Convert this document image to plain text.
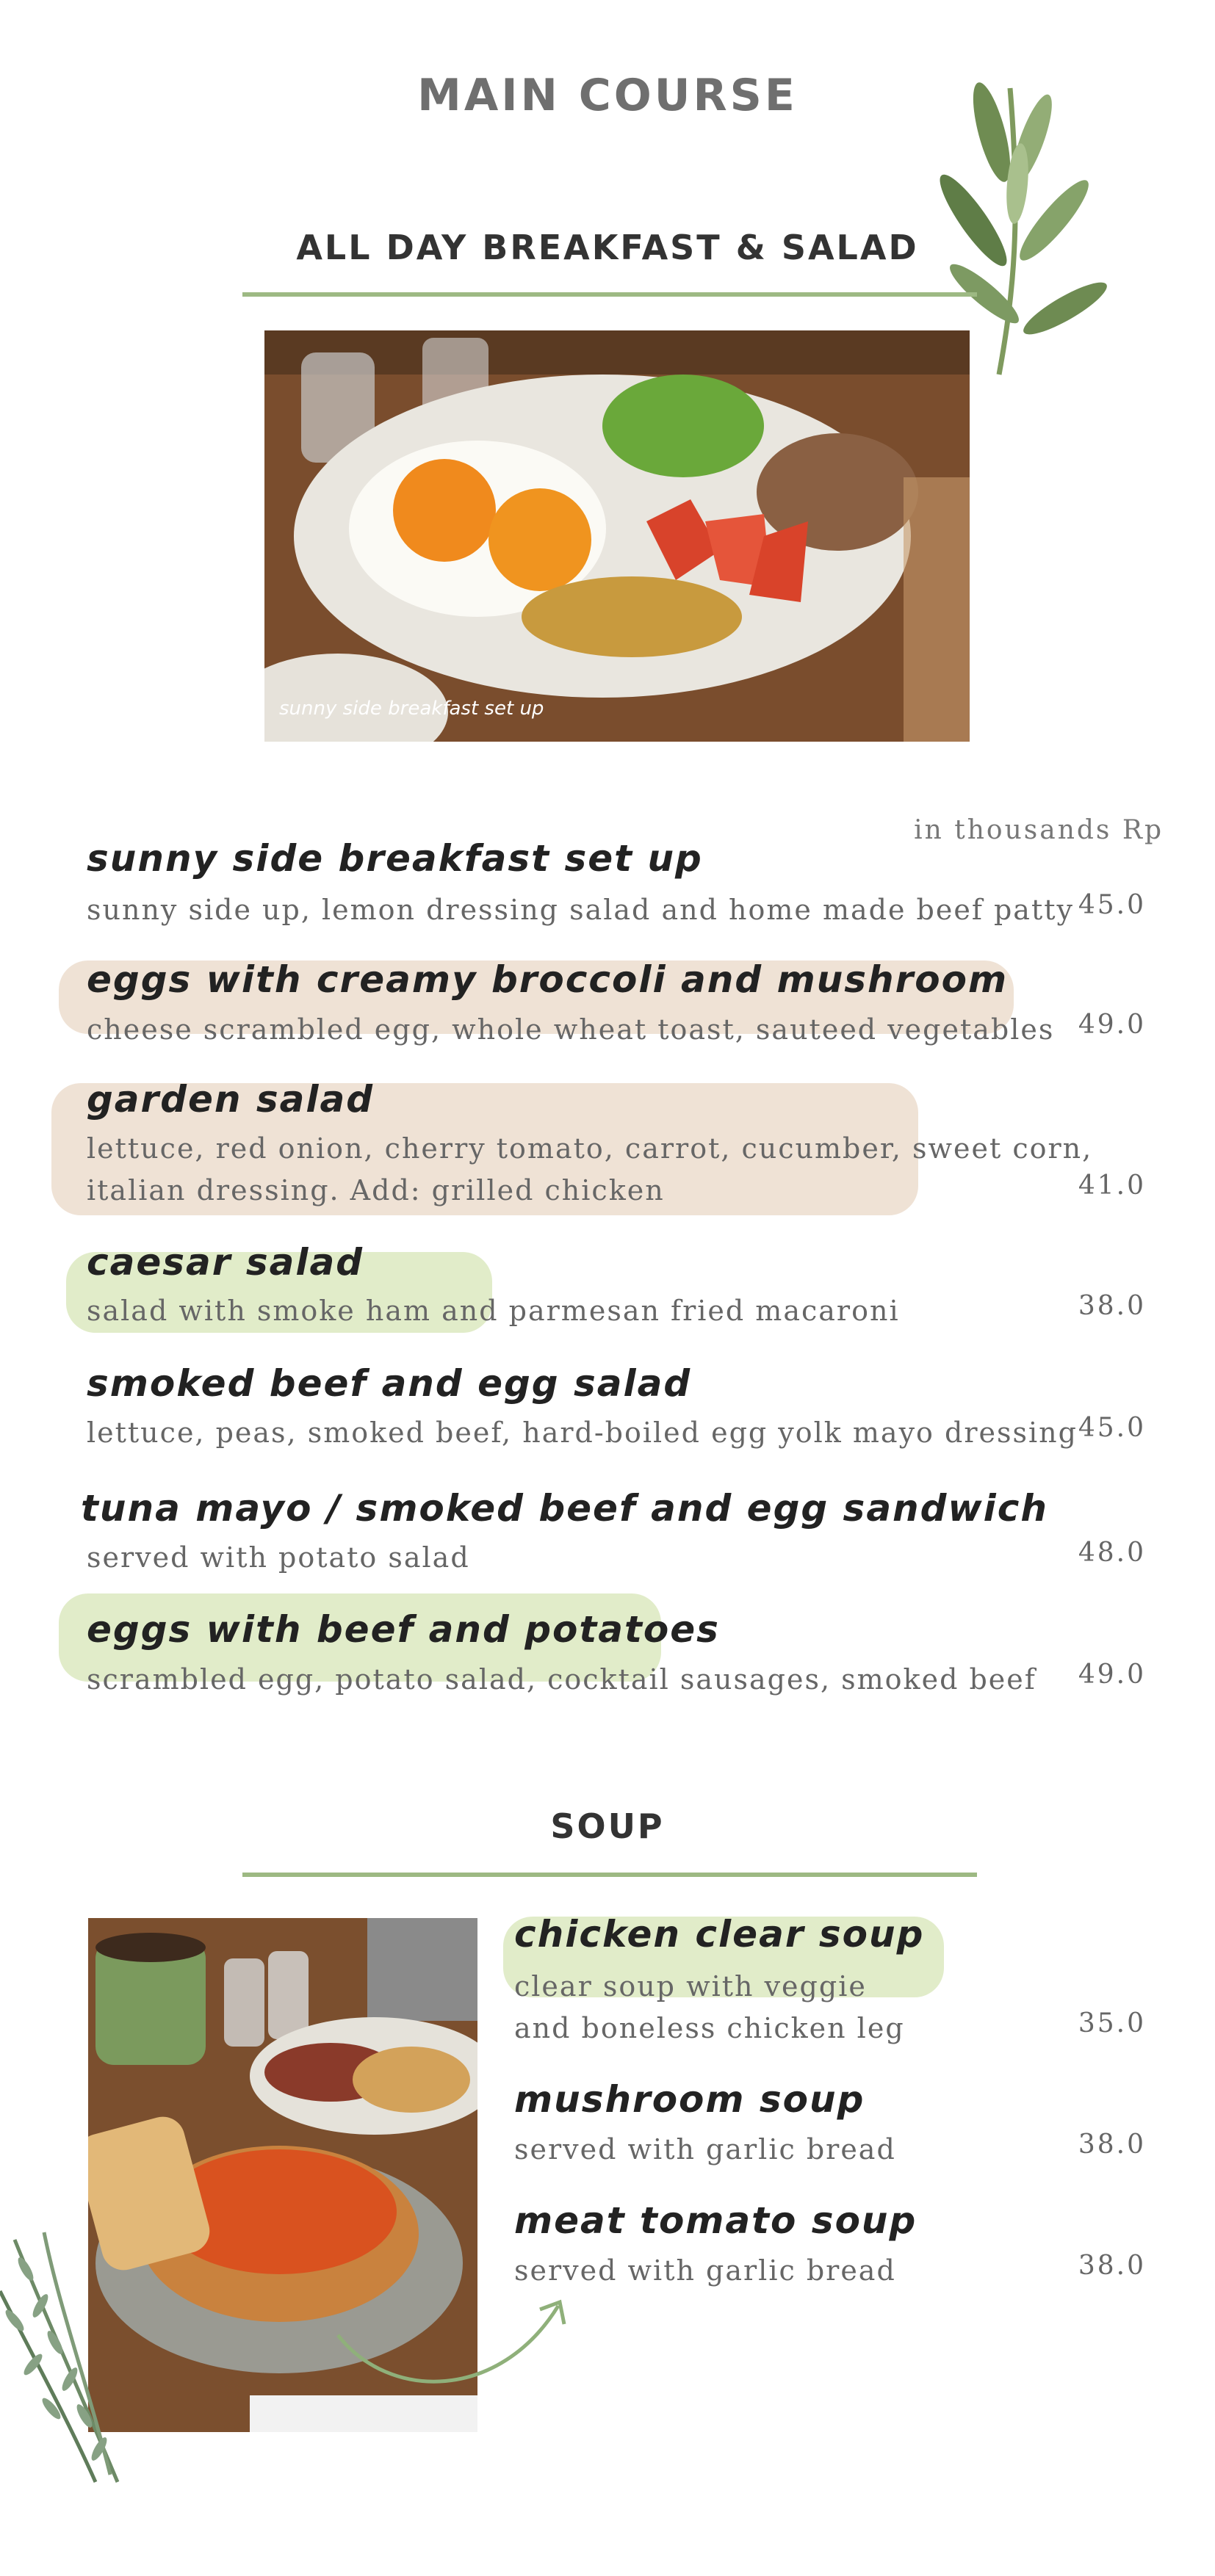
MAIN COURSE
ALL DAY BREAKFAST & SALAD
sunny side breakfast set up
in thousands Rp
sunny side breakfast set up
sunny side up, lemon dressing salad and home made beef patty 45.0
eggs with creamy broccoli and mushroom
cheese scrambled egg, whole wheat toast, sauteed vegetables 49.0
garden salad
lettuce, red onion, cherry tomato, carrot, cucumber, sweet corn,
italian dressing. Add: grilled chicken	41.0
caesar salad
salad with smoke ham and parmesan fried macaroni	38.0
smoked beef and egg salad
lettuce, peas, smoked beef, hard-boiled egg yolk mayo dressing 45.0
tuna mayo / smoked beef and egg sandwich
served with potato salad	48.0
eggs with beef and potatoes
scrambled egg, potato salad, cocktail sausages, smoked beef	49.0
SOUP
chicken clear soup
clear soup with veggie
and boneless chicken leg	35.0
mushroom soup
served with garlic bread	38.0
meat tomato soup
served with garlic bread	38.0
